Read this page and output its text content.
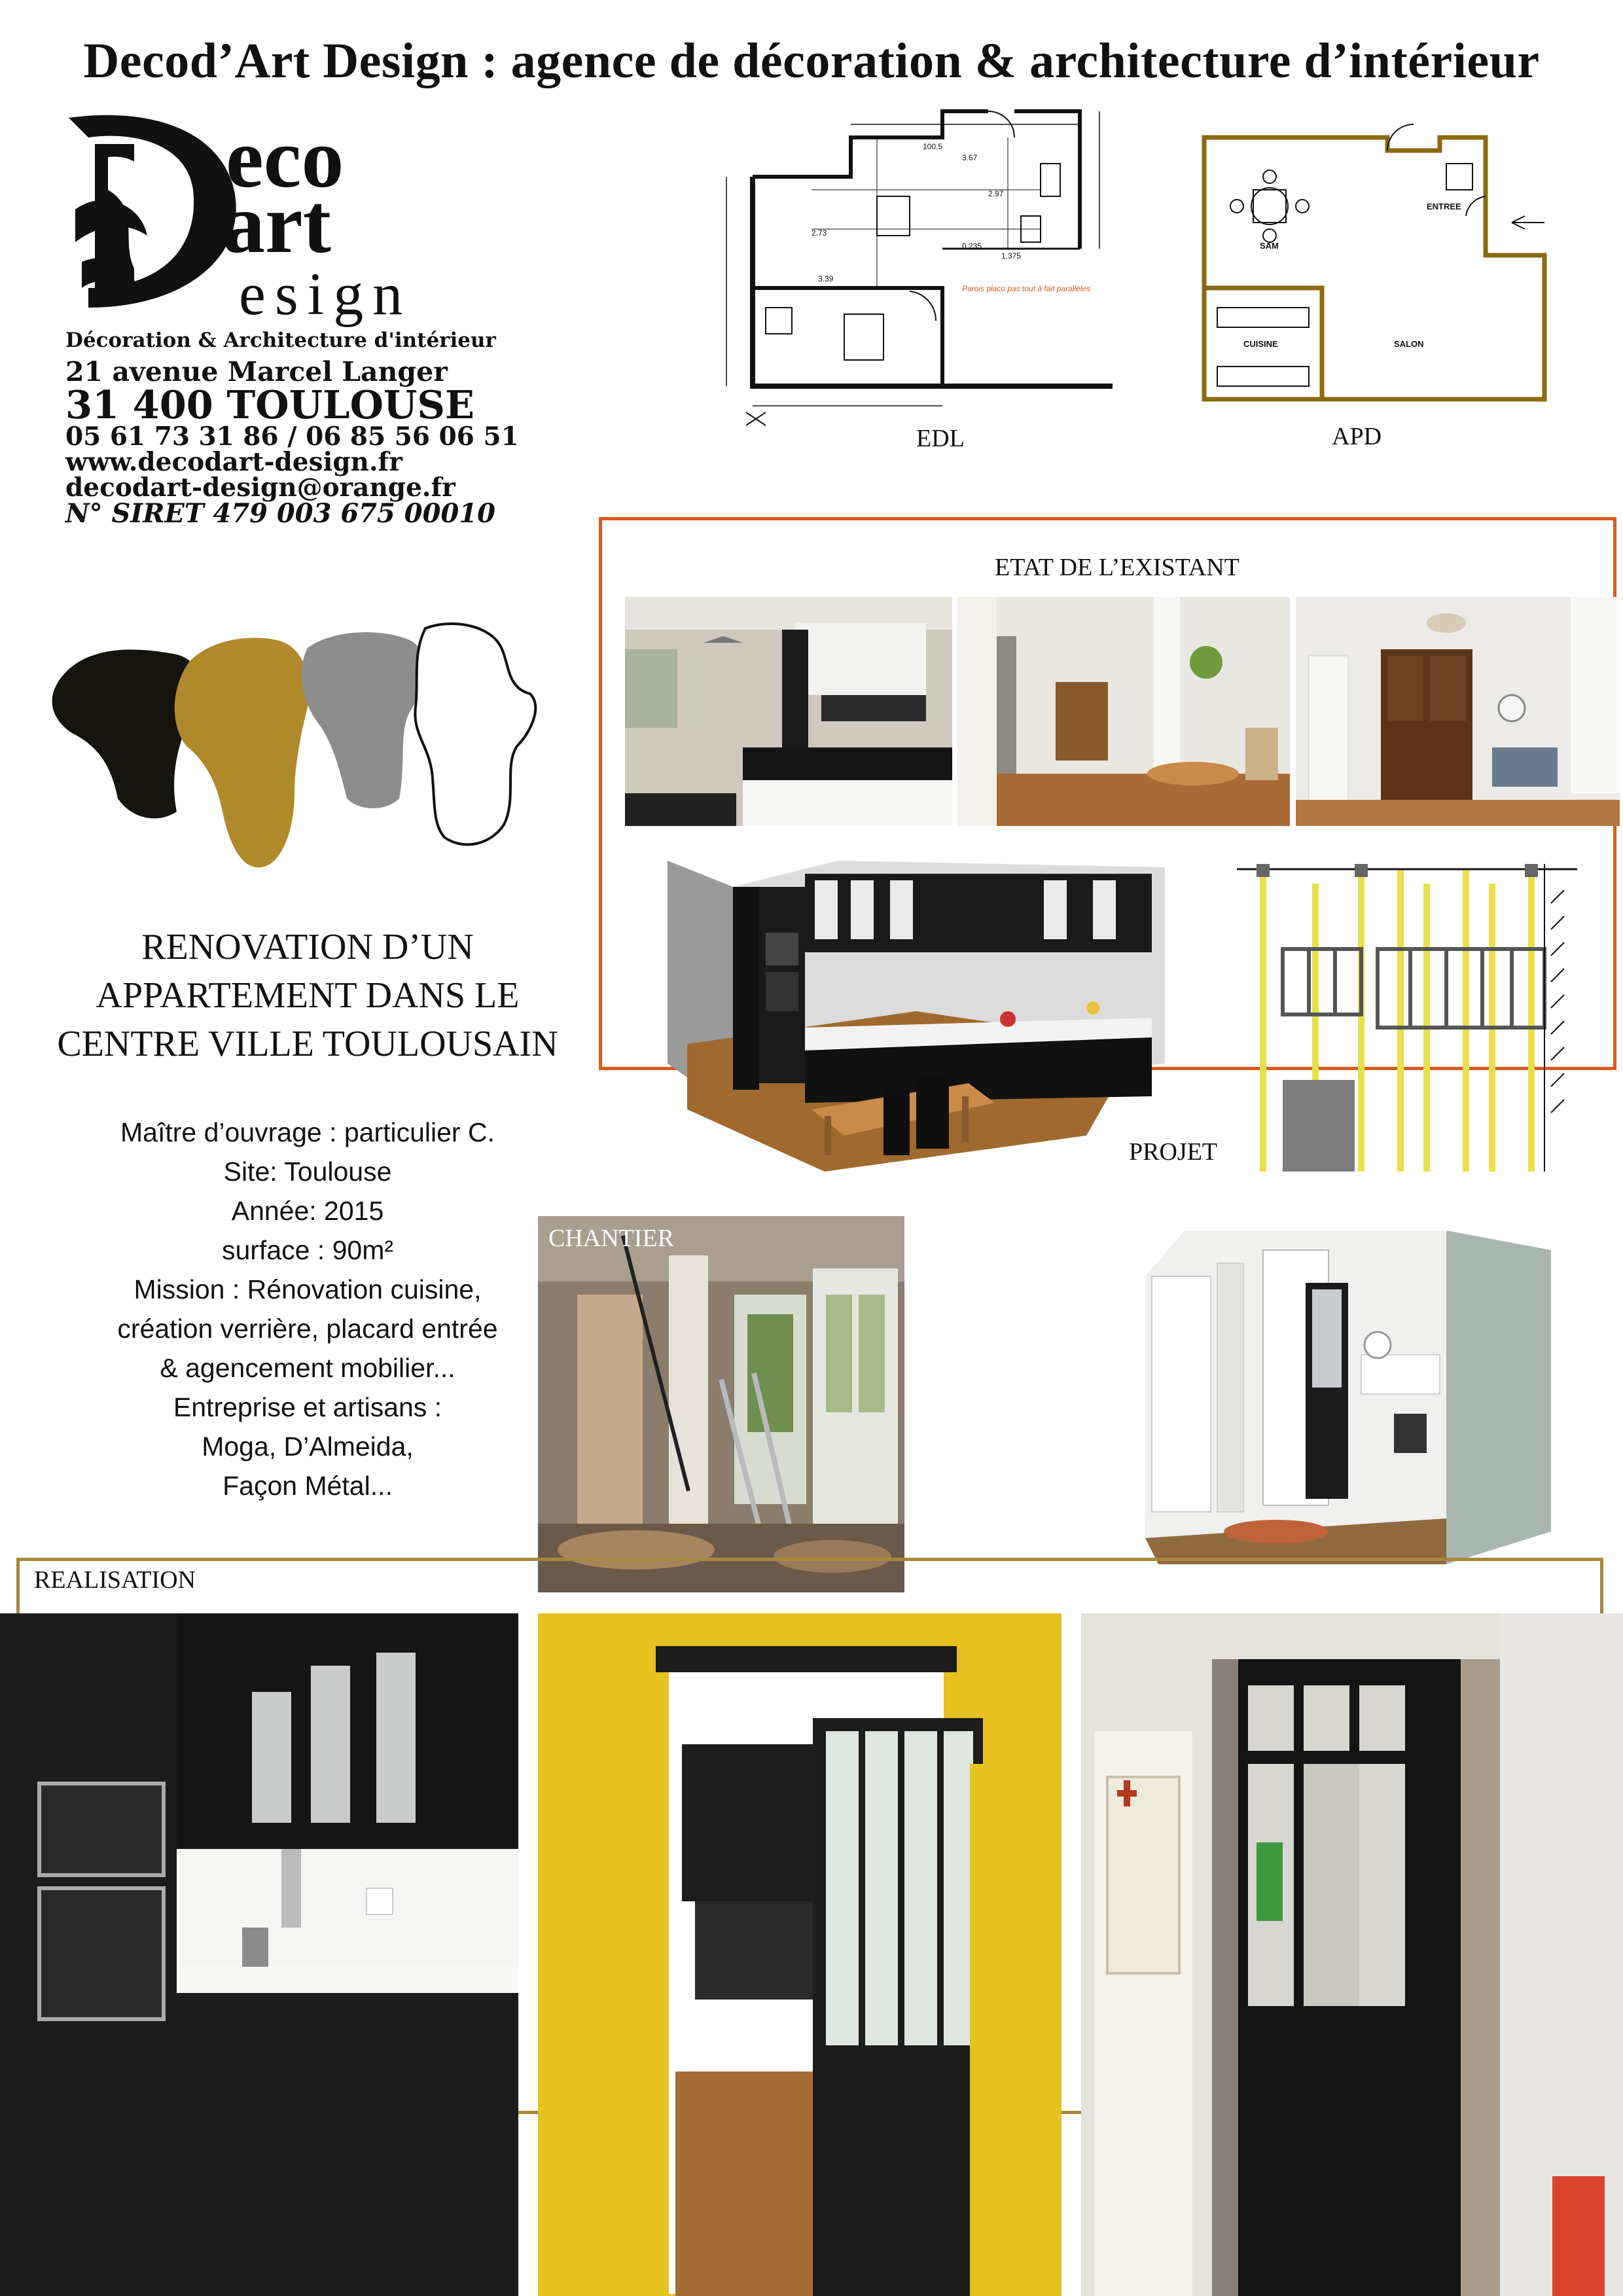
Decod’Art Design : agence de décoration & architecture d’intérieur
eco
art
esign
Décoration & Architecture d'intérieur
21 avenue Marcel Langer
31 400 TOULOUSE
05 61 73 31 86 / 06 85 56 06 51
www.decodart-design.fr
decodart-design@orange.fr
N° SIRET 479 003 675 00010
RENOVATION D’UN
APPARTEMENT DANS LE
CENTRE VILLE TOULOUSAIN
Maître d’ouvrage : particulier C.
Site: Toulouse
Année: 2015
surface : 90m²
Mission : Rénovation cuisine,
création verrière, placard entrée
& agencement mobilier...
Entreprise et artisans :
Moga, D’Almeida,
Façon Métal...
100.5
3.67
2.97
2.73
0.235
1.375
3.39
Parois placo pas tout à fait parallèles
EDL
SAM
ENTREE
CUISINE	SALON
APD
ETAT DE L’EXISTANT
PROJET
CHANTIER
REALISATION
